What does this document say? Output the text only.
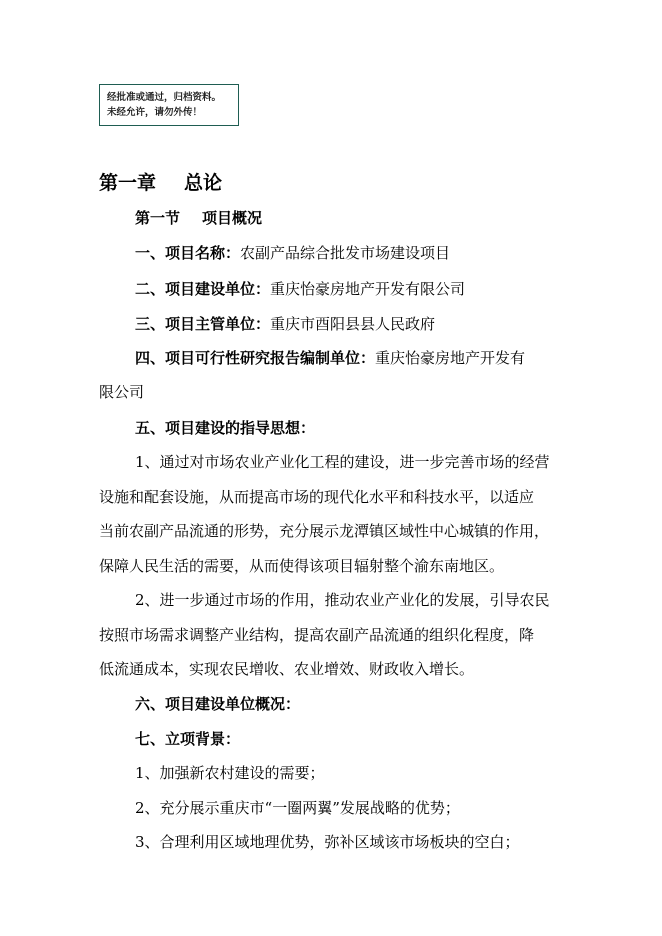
经批准或通过，归档资料。
未经允许，请勿外传！
第一章 总论
第一节 项目概况
一、项目名称：农副产品综合批发市场建设项目
二、项目建设单位：重庆怡豪房地产开发有限公司
三、项目主管单位：重庆市酉阳县县人民政府
四、项目可行性研究报告编制单位：重庆怡豪房地产开发有
限公司
五、项目建设的指导思想：
1、通过对市场农业产业化工程的建设，进一步完善市场的经营
设施和配套设施，从而提高市场的现代化水平和科技水平，以适应
当前农副产品流通的形势，充分展示龙潭镇区域性中心城镇的作用，
保障人民生活的需要，从而使得该项目辐射整个渝东南地区。
2、进一步通过市场的作用，推动农业产业化的发展，引导农民
按照市场需求调整产业结构，提高农副产品流通的组织化程度，降
低流通成本，实现农民增收、农业增效、财政收入增长。
六、项目建设单位概况：
七、立项背景：
1、加强新农村建设的需要；
2、充分展示重庆市“一圈两翼”发展战略的优势；
3、合理利用区域地理优势，弥补区域该市场板块的空白；
